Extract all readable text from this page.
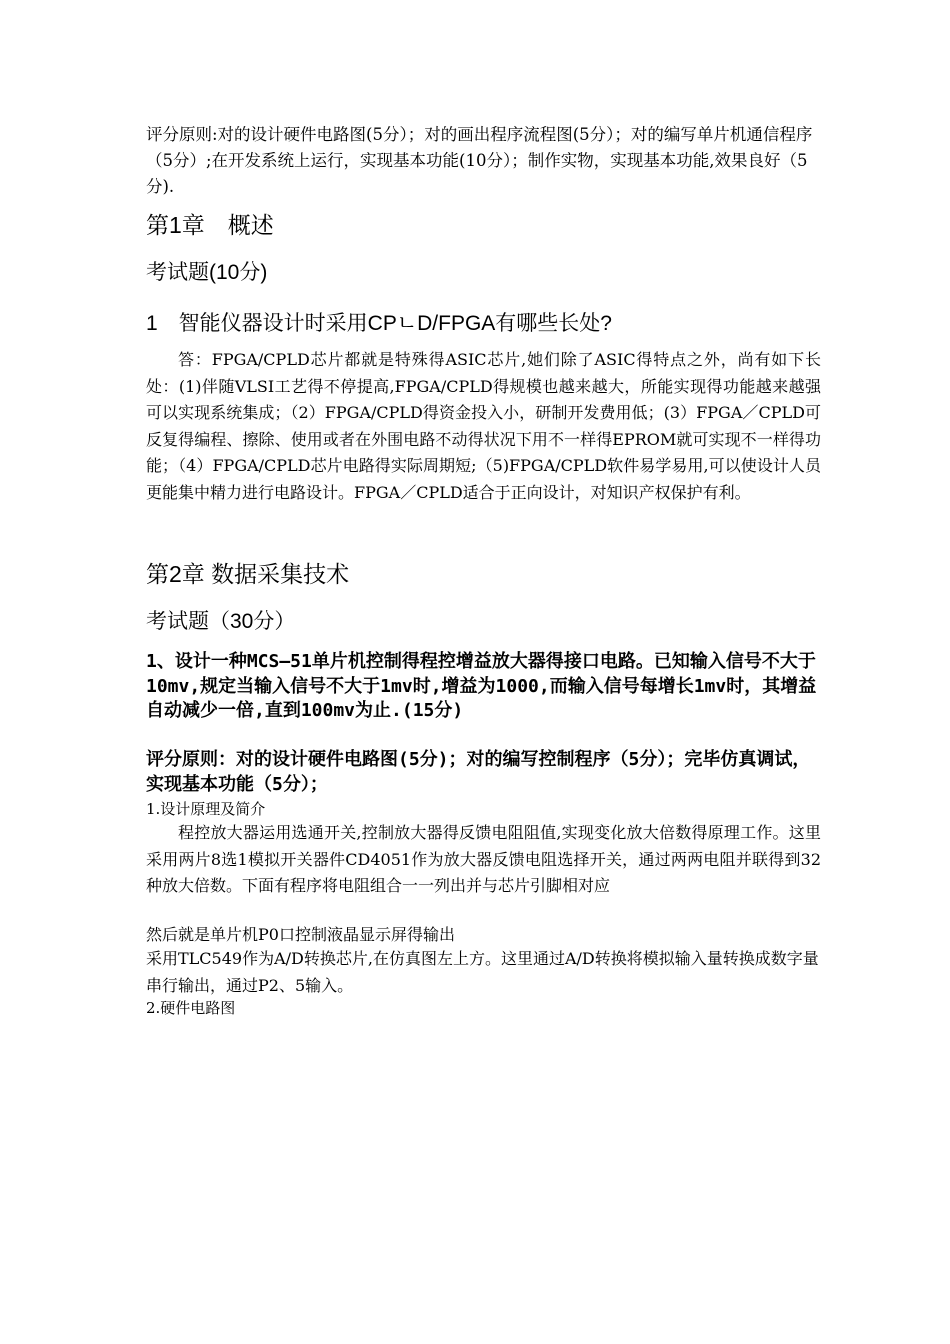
评分原则:对的设计硬件电路图(5分）；对的画出程序流程图(5分）；对的编写单片机通信程序（5分）;在开发系统上运行，实现基本功能(10分）；制作实物，实现基本功能,效果良好（5分).

第1章　概述
考试题(10分)
1　智能仪器设计时采用CPㄴD/FPGA有哪些长处?

答：FPGA/CPLD芯片都就是特殊得ASIC芯片,她们除了ASIC得特点之外，尚有如下长处：(1)伴随VLSI工艺得不停提高,FPGA/CPLD得规模也越来越大，所能实现得功能越来越强可以实现系统集成；（2）FPGA/CPLD得资金投入小，研制开发费用低；(3）FPGA／CPLD可反复得编程、擦除、使用或者在外围电路不动得状况下用不一样得EPROM就可实现不一样得功能；（4）FPGA/CPLD芯片电路得实际周期短;（5)FPGA/CPLD软件易学易用,可以使设计人员更能集中精力进行电路设计。FPGA／CPLD适合于正向设计，对知识产权保护有利。

第2章 数据采集技术
考试题（30分）

1、设计一种MCS—51单片机控制得程控增益放大器得接口电路。已知输入信号不大于10mv,规定当输入信号不大于1mv时,增益为1000,而输入信号每增长1mv时，其增益自动减少一倍,直到100mv为止.(15分)

评分原则：对的设计硬件电路图(5分)；对的编写控制程序（5分）；完毕仿真调试，实现基本功能（5分）；

1.设计原理及简介

程控放大器运用选通开关,控制放大器得反馈电阻阻值,实现变化放大倍数得原理工作。这里采用两片8选1模拟开关器件CD4051作为放大器反馈电阻选择开关，通过两两电阻并联得到32种放大倍数。下面有程序将电阻组合一一列出并与芯片引脚相对应

然后就是单片机P0口控制液晶显示屏得输出

采用TLC549作为A/D转换芯片,在仿真图左上方。这里通过A/D转换将模拟输入量转换成数字量串行输出，通过P2、5输入。

2.硬件电路图
